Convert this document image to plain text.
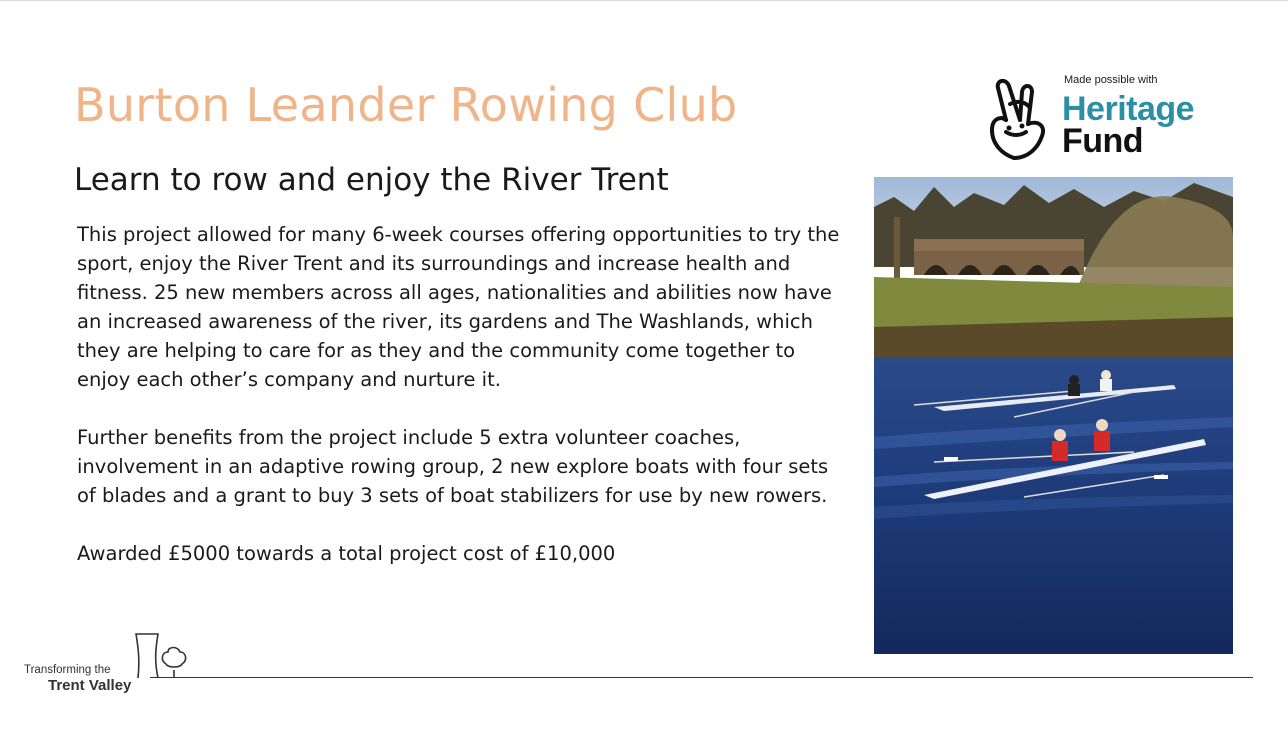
Burton Leander Rowing Club
Learn to row and enjoy the River Trent

This project allowed for many 6-week courses offering opportunities to try the sport, enjoy the River Trent and its surroundings and increase health and fitness. 25 new members across all ages, nationalities and abilities now have an increased awareness of the river, its gardens and The Washlands, which they are helping to care for as they and the community come together to enjoy each other’s company and nurture it.

Further benefits from the project include 5 extra volunteer coaches, involvement in an adaptive rowing group, 2 new explore boats with four sets of blades and a grant to buy 3 sets of boat stabilizers for use by new rowers.

Awarded £5000 towards a total project cost of £10,000

Made possible with
Heritage
Fund
Transforming the
Trent Valley
